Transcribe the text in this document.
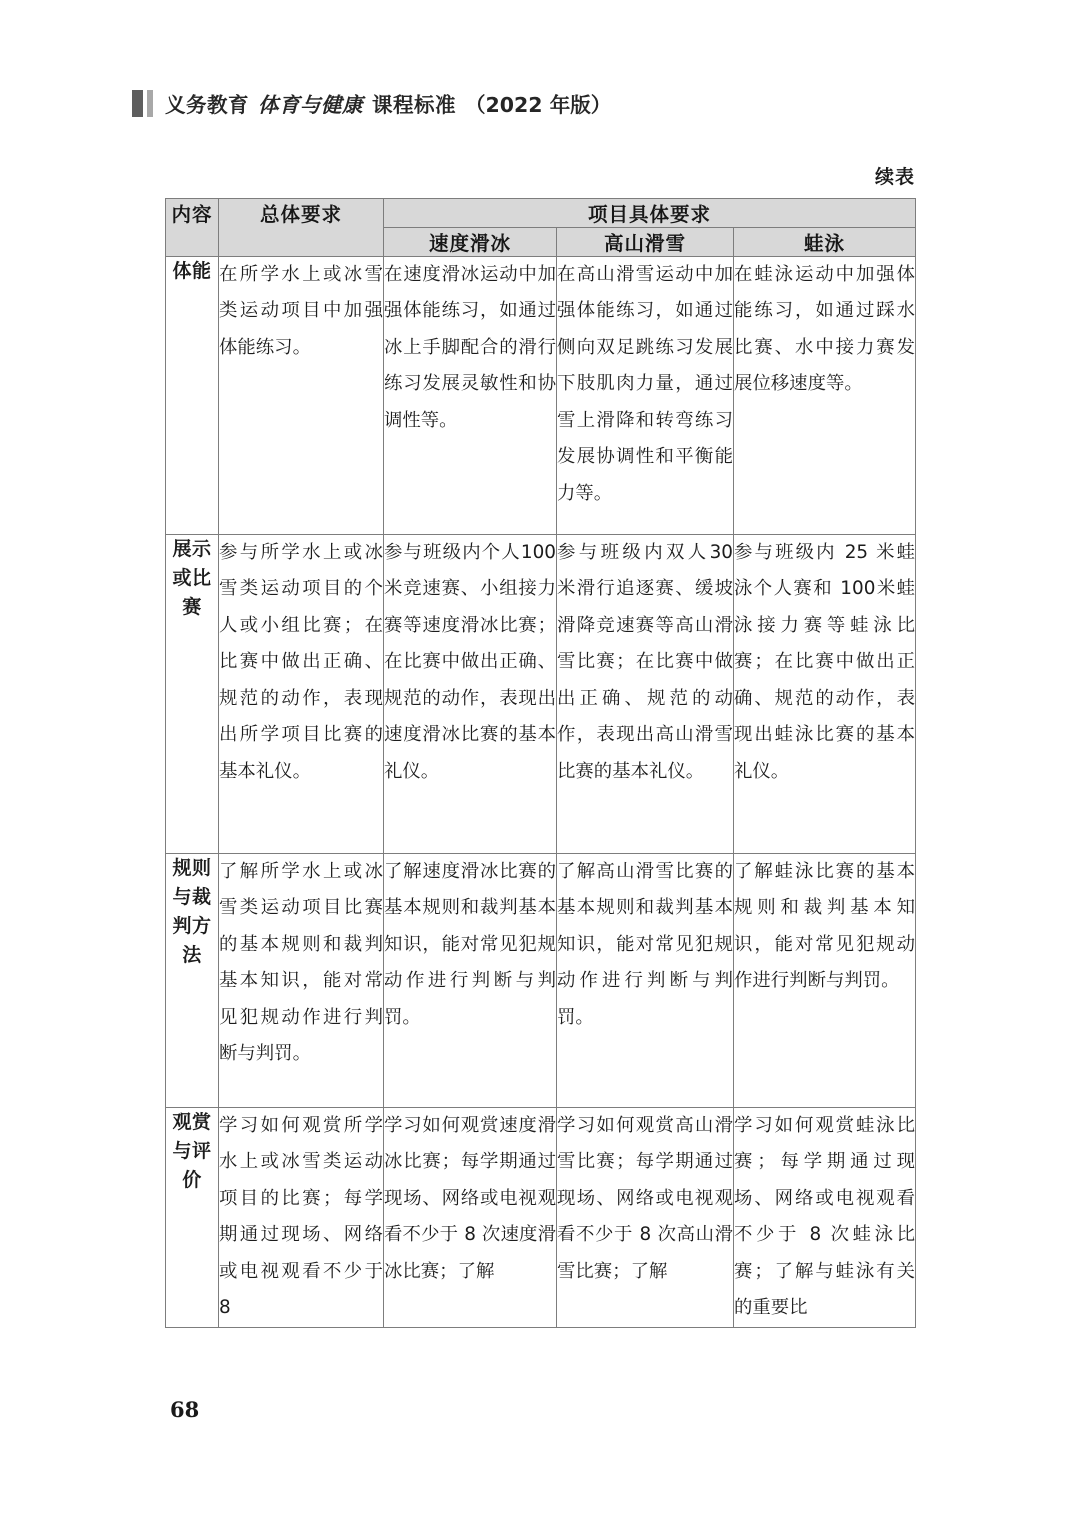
义务教育 体育与健康 课程标准 （2022 年版）
续表
内容	总体要求	项目具体要求		
		速度滑冰	高山滑雪	蛙泳

体能	在所学水上或冰雪类运动项目中加强体能练习。	在速度滑冰运动中加强体能练习，如通过冰上手脚配合的滑行练习发展灵敏性和协调性等。	在高山滑雪运动中加强体能练习，如通过侧向双足跳练习发展下肢肌肉力量，通过雪上滑降和转弯练习发展协调性和平衡能力等。	在蛙泳运动中加强体能练习，如通过踩水比赛、水中接力赛发展位移速度等。

展示或比赛	参与所学水上或冰雪类运动项目的个人或小组比赛；在比赛中做出正确、规范的动作，表现出所学项目比赛的基本礼仪。	参与班级内个人100 米竞速赛、小组接力赛等速度滑冰比赛；在比赛中做出正确、规范的动作，表现出速度滑冰比赛的基本礼仪。	参与班级内双人30 米滑行追逐赛、缓坡滑降竞速赛等高山滑雪比赛；在比赛中做出正确、规范的动作，表现出高山滑雪比赛的基本礼仪。	参与班级内 25 米蛙泳个人赛和 100米蛙泳接力赛等蛙泳比赛；在比赛中做出正确、规范的动作，表现出蛙泳比赛的基本礼仪。

规则与裁判方法	了解所学水上或冰雪类运动项目比赛的基本规则和裁判基本知识，能对常见犯规动作进行判断与判罚。	了解速度滑冰比赛的基本规则和裁判基本知识，能对常见犯规动作进行判断与判罚。	了解高山滑雪比赛的基本规则和裁判基本知识，能对常见犯规动作进行判断与判罚。	了解蛙泳比赛的基本规则和裁判基本知识，能对常见犯规动作进行判断与判罚。

观赏与评价	学习如何观赏所学水上或冰雪类运动项目的比赛；每学期通过现场、网络或电视观看不少于 8	学习如何观赏速度滑冰比赛；每学期通过现场、网络或电视观看不少于 8 次速度滑冰比赛；了解	学习如何观赏高山滑雪比赛；每学期通过现场、网络或电视观看不少于 8 次高山滑雪比赛；了解	学习如何观赏蛙泳比赛；每学期通过现场、网络或电视观看不少于 8 次蛙泳比赛；了解与蛙泳有关的重要比
68
